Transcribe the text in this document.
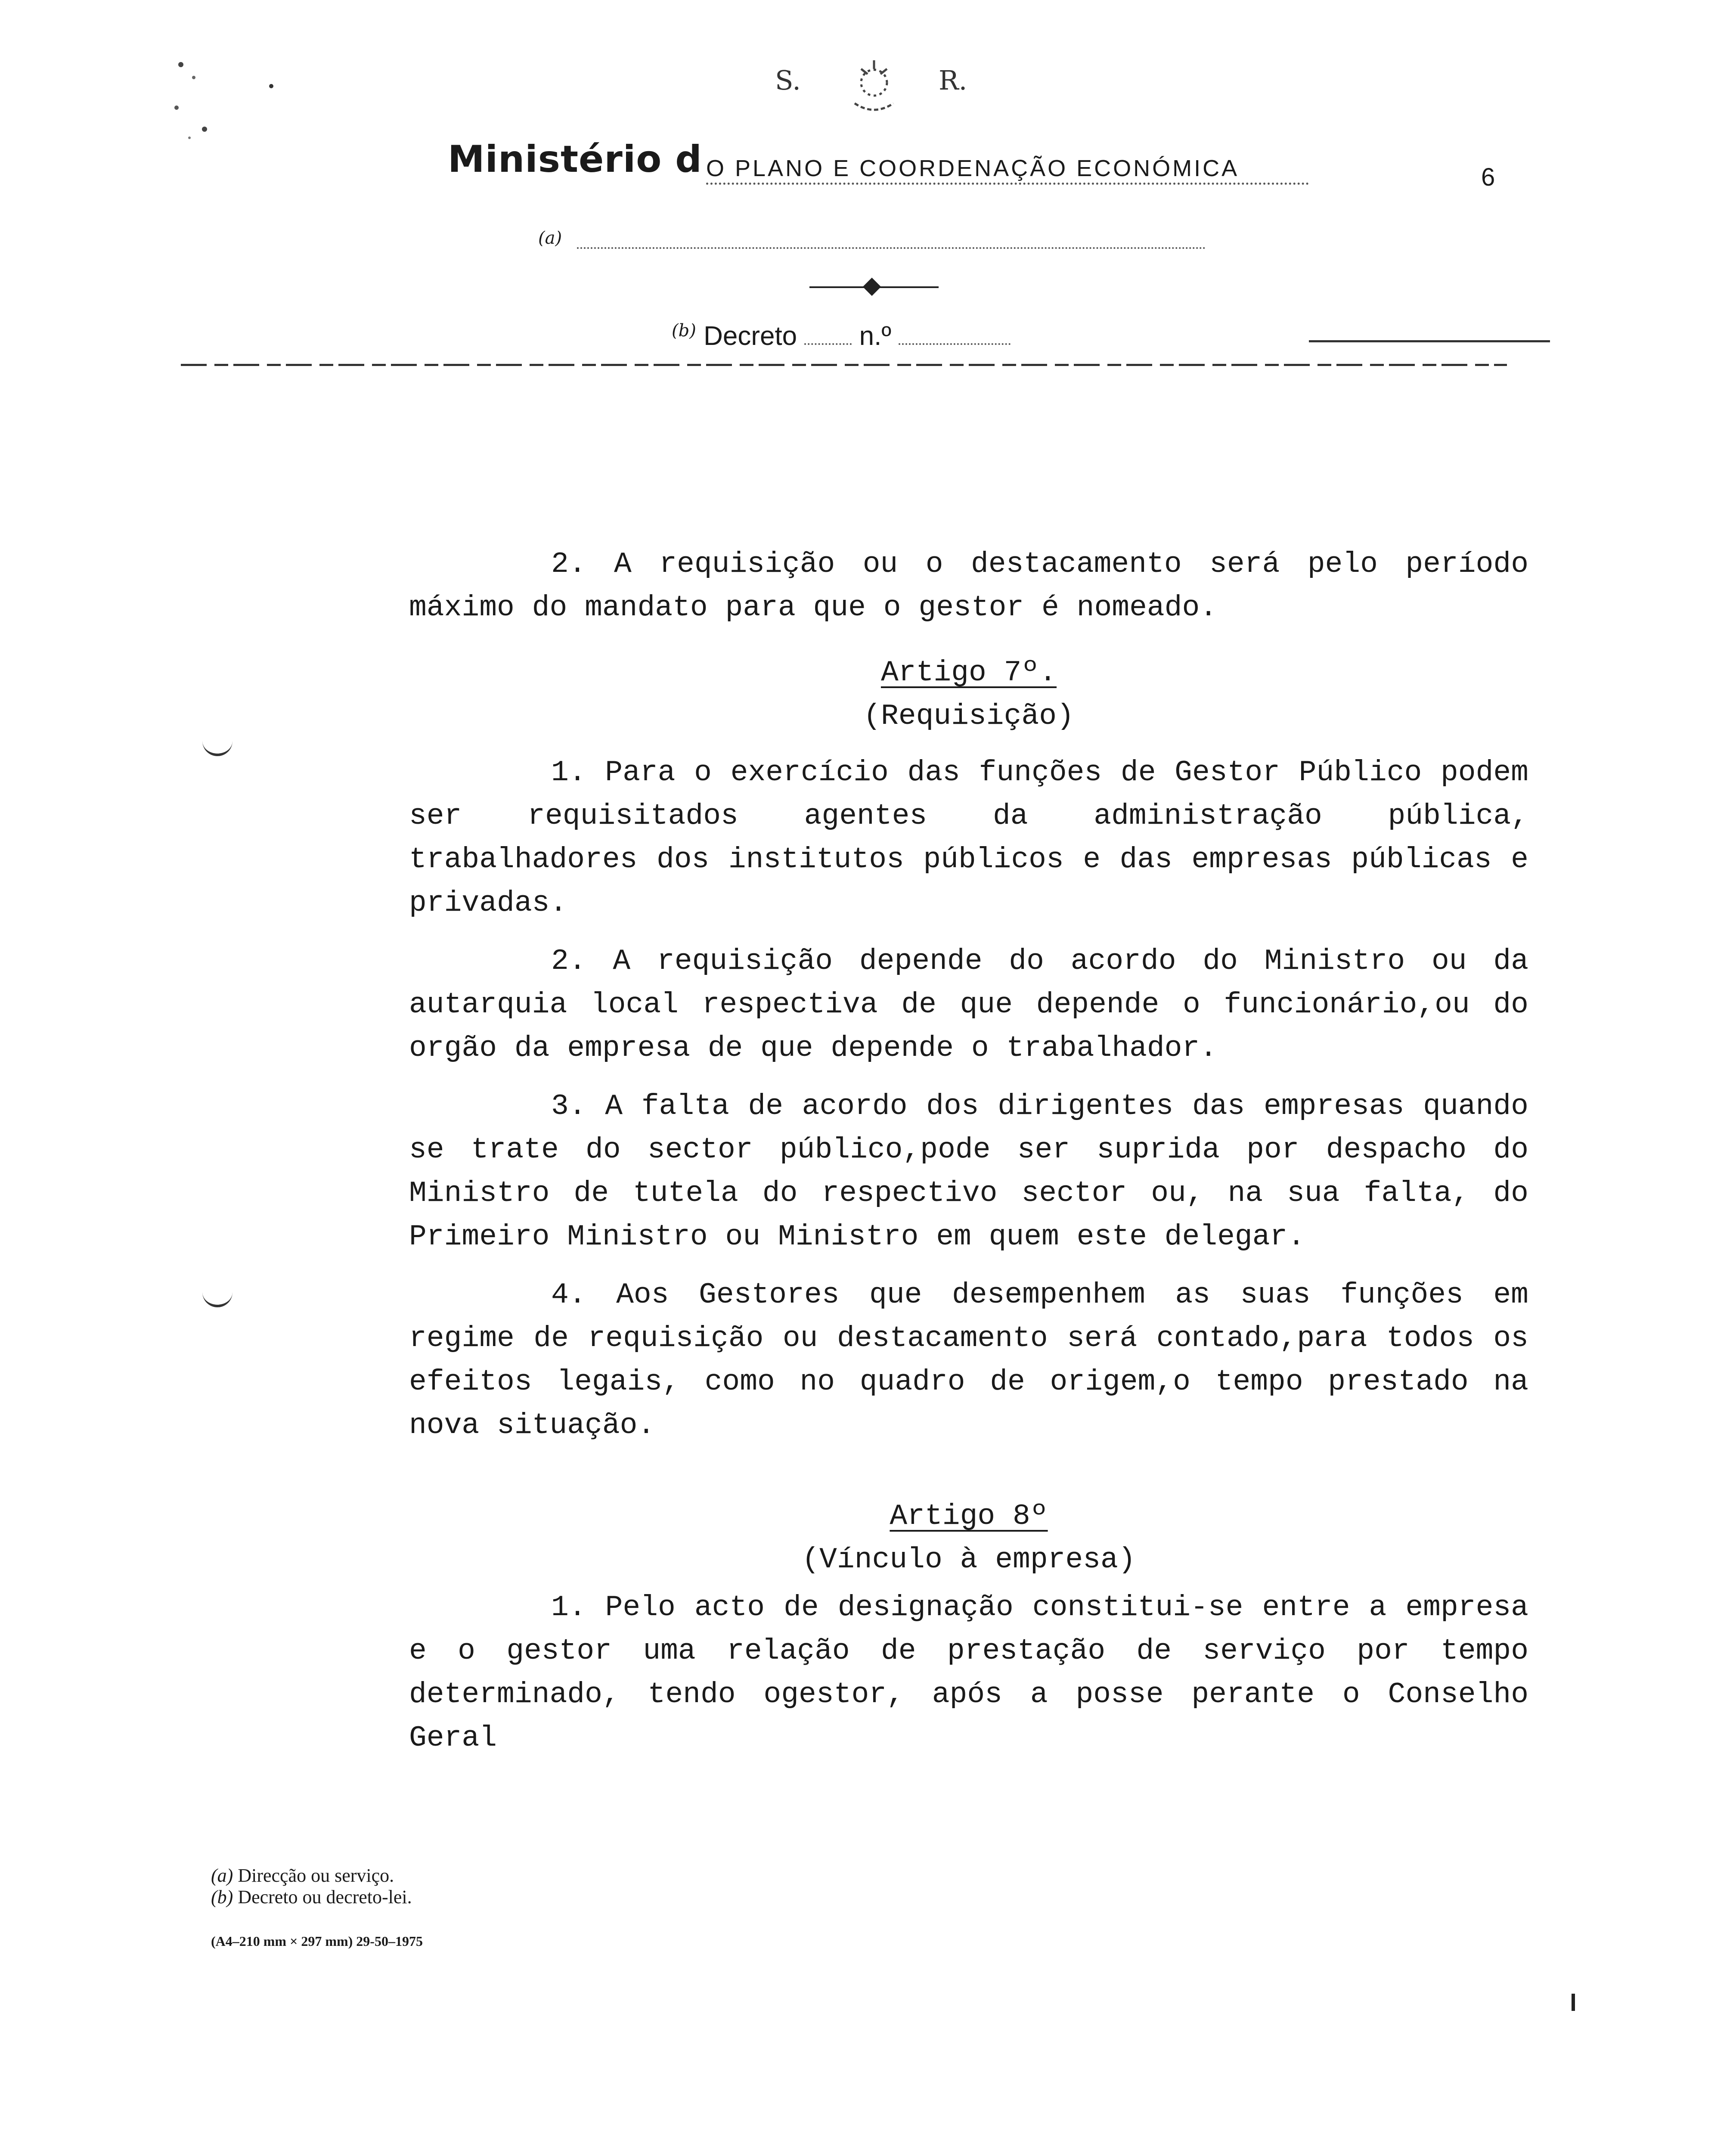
S.	R.
Ministério d O PLANO E COORDENAÇÃO ECONÓMICA	6
(a)
$^{(b)}$ Decreto n.º

2. A requisição ou o destacamento será pelo período máximo do mandato para que o gestor é nomeado.

Artigo 7º.

(Requisição)

1. Para o exercício das funções de Gestor Público podem ser requisitados agentes da administração pública, trabalhadores dos institutos públicos e das empresas públicas e privadas.

2. A requisição depende do acordo do Ministro ou da autarquia local respectiva de que depende o funcionário,ou do orgão da empresa de que depende o trabalhador.

3. A falta de acordo dos dirigentes das empresas quando se trate do sector público,pode ser suprida por despacho do Ministro de tutela do respectivo sector ou, na sua falta, do Primeiro Ministro ou Ministro em quem este delegar.

4. Aos Gestores que desempenhem as suas funções em regime de requisição ou destacamento será contado,para todos os efeitos legais, como no quadro de origem,o tempo prestado na nova situação.

Artigo 8º

(Vínculo à empresa)

1. Pelo acto de designação constitui-se entre a empresa e o gestor uma relação de prestação de serviço por tempo determinado, tendo ogestor, após a posse perante o Conselho Geral

(a) Direcção ou serviço.
(b) Decreto ou decreto-lei.
(A4–210 mm × 297 mm) 29-50–1975
